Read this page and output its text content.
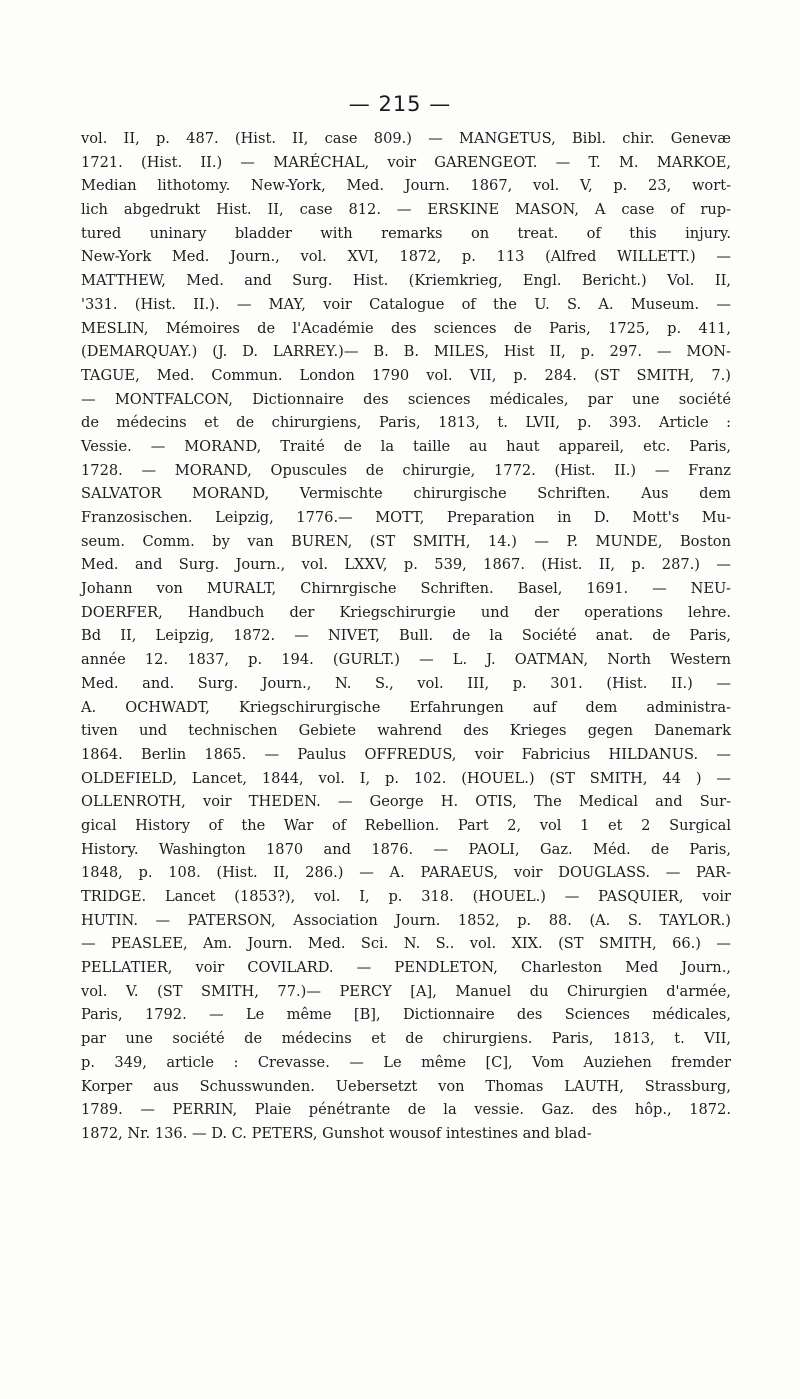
— 215 —
vol. II, p. 487. (Hist. II, case 809.) — MANGETUS, Bibl. chir. Genevæ
1721. (Hist. II.) — MARÉCHAL, voir GARENGEOT. — T. M. MARKOE,
Median lithotomy. New-York, Med. Journ. 1867, vol. V, p. 23, wort-
lich abgedrukt Hist. II, case 812. — ERSKINE MASON, A case of rup-
tured uninary bladder with remarks on treat. of this injury.
New-York Med. Journ., vol. XVI, 1872, p. 113 (Alfred WILLETT.) —
MATTHEW, Med. and Surg. Hist. (Kriemkrieg, Engl. Bericht.) Vol. II,
'331. (Hist. II.). — MAY, voir Catalogue of the U. S. A. Museum. —
MESLIN, Mémoires de l'Académie des sciences de Paris, 1725, p. 411,
(DEMARQUAY.) (J. D. LARREY.)— B. B. MILES, Hist II, p. 297. — MON-
TAGUE, Med. Commun. London 1790 vol. VII, p. 284. (ST SMITH, 7.)
— MONTFALCON, Dictionnaire des sciences médicales, par une société
de médecins et de chirurgiens, Paris, 1813, t. LVII, p. 393. Article :
Vessie. — MORAND, Traité de la taille au haut appareil, etc. Paris,
1728. — MORAND, Opuscules de chirurgie, 1772. (Hist. II.) — Franz
SALVATOR MORAND, Vermischte chirurgische Schriften. Aus dem
Franzosischen. Leipzig, 1776.— MOTT, Preparation in D. Mott's Mu-
seum. Comm. by van BUREN, (ST SMITH, 14.) — P. MUNDE, Boston
Med. and Surg. Journ., vol. LXXV, p. 539, 1867. (Hist. II, p. 287.) —
Johann von MURALT, Chirnrgische Schriften. Basel, 1691. — NEU-
DOERFER, Handbuch der Kriegschirurgie und der operations lehre.
Bd II, Leipzig, 1872. — NIVET, Bull. de la Société anat. de Paris,
année 12. 1837, p. 194. (GURLT.) — L. J. OATMAN, North Western
Med. and. Surg. Journ., N. S., vol. III, p. 301. (Hist. II.) —
A. OCHWADT, Kriegschirurgische Erfahrungen auf dem administra-
tiven und technischen Gebiete wahrend des Krieges gegen Danemark
1864. Berlin 1865. — Paulus OFFREDUS, voir Fabricius HILDANUS. —
OLDEFIELD, Lancet, 1844, vol. I, p. 102. (HOUEL.) (ST SMITH, 44 ) —
OLLENROTH, voir THEDEN. — George H. OTIS, The Medical and Sur-
gical History of the War of Rebellion. Part 2, vol 1 et 2 Surgical
History. Washington 1870 and 1876. — PAOLI, Gaz. Méd. de Paris,
1848, p. 108. (Hist. II, 286.) — A. PARAEUS, voir DOUGLASS. — PAR-
TRIDGE. Lancet (1853?), vol. I, p. 318. (HOUEL.) — PASQUIER, voir
HUTIN. — PATERSON, Association Journ. 1852, p. 88. (A. S. TAYLOR.)
— PEASLEE, Am. Journ. Med. Sci. N. S.. vol. XIX. (ST SMITH, 66.) —
PELLATIER, voir COVILARD. — PENDLETON, Charleston Med Journ.,
vol. V. (ST SMITH, 77.)— PERCY [A], Manuel du Chirurgien d'armée,
Paris, 1792. — Le même [B], Dictionnaire des Sciences médicales,
par une société de médecins et de chirurgiens. Paris, 1813, t. VII,
p. 349, article : Crevasse. — Le même [C], Vom Auziehen fremder
Korper aus Schusswunden. Uebersetzt von Thomas LAUTH, Strassburg,
1789. — PERRIN, Plaie pénétrante de la vessie. Gaz. des hôp., 1872.
1872, Nr. 136. — D. C. PETERS, Gunshot wousof intestines and blad-
